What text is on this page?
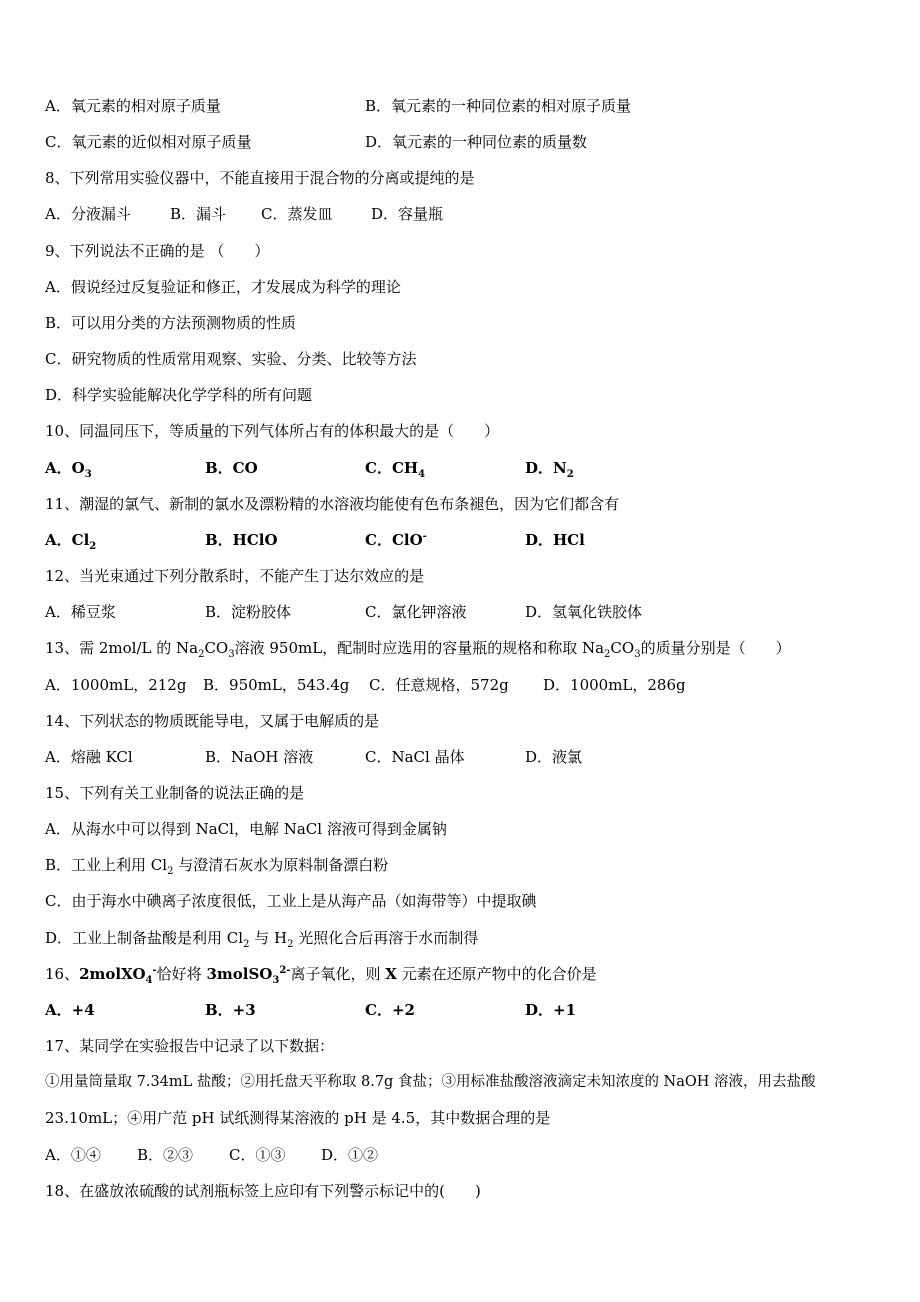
A．氧元素的相对原子质量	B．氧元素的一种同位素的相对原子质量
C．氧元素的近似相对原子质量	D．氧元素的一种同位素的质量数
8、下列常用实验仪器中，不能直接用于混合物的分离或提纯的是
A．分液漏斗	B．漏斗	C．蒸发皿	D．容量瓶
9、下列说法不正确的是 （　　）
A．假说经过反复验证和修正，才发展成为科学的理论
B．可以用分类的方法预测物质的性质
C．研究物质的性质常用观察、实验、分类、比较等方法
D．科学实验能解决化学学科的所有问题
10、同温同压下，等质量的下列气体所占有的体积最大的是（　　）
A．$O_3$	B．CO	C．$CH_4$	D．$N_2$
11、潮湿的氯气、新制的氯水及漂粉精的水溶液均能使有色布条褪色，因为它们都含有
A．$Cl_2$	B．HClO	C．ClO-	D．HCl
12、当光束通过下列分散系时，不能产生丁达尔效应的是
A．稀豆浆	B．淀粉胶体	C．氯化钾溶液	D．氢氧化铁胶体
13、需 2mol/L 的 $Na_2CO_3$溶液 950mL，配制时应选用的容量瓶的规格和称取 $Na_2CO_3$的质量分别是（　　）
A．1000mL，212g	B．950mL，543.4g	C．任意规格，572g	D．1000mL，286g
14、下列状态的物质既能导电，又属于电解质的是
A．熔融 KCl	B．NaOH 溶液	C．NaCl 晶体	D．液氯
15、下列有关工业制备的说法正确的是
A．从海水中可以得到 NaCl，电解 NaCl 溶液可得到金属钠
B．工业上利用 $Cl_2$ 与澄清石灰水为原料制备漂白粉
C．由于海水中碘离子浓度很低，工业上是从海产品（如海带等）中提取碘
D．工业上制备盐酸是利用 $Cl_2$ 与 $H_2$ 光照化合后再溶于水而制得
16、2molXO$_4$-恰好将 3molSO$_3^{2-}$离子氧化，则 X 元素在还原产物中的化合价是
A．+4	B．+3	C．+2	D．+1
17、某同学在实验报告中记录了以下数据：
①用量筒量取 7.34mL 盐酸；②用托盘天平称取 8.7g 食盐；③用标准盐酸溶液滴定未知浓度的 NaOH 溶液，用去盐酸
23.10mL；④用广范 pH 试纸测得某溶液的 pH 是 4.5，其中数据合理的是
A．①④	B．②③	C．①③	D．①②
18、在盛放浓硫酸的试剂瓶标签上应印有下列警示标记中的(　　)
